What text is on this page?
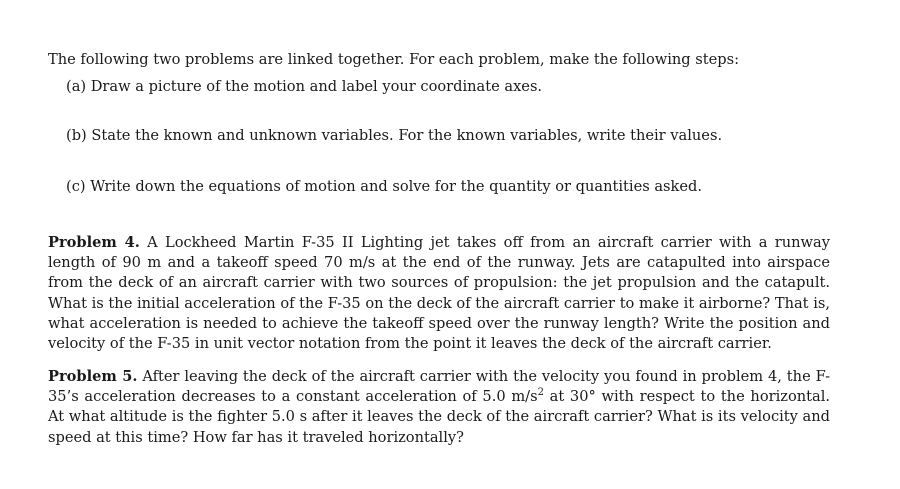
The following two problems are linked together. For each problem, make the following steps:
(a) Draw a picture of the motion and label your coordinate axes.
(b) State the known and unknown variables. For the known variables, write their values.
(c) Write down the equations of motion and solve for the quantity or quantities asked.

Problem 4. A Lockheed Martin F-35 II Lighting jet takes off from an aircraft carrier with a runway length of 90 m and a takeoff speed 70 m/s at the end of the runway. Jets are catapulted into airspace from the deck of an aircraft carrier with two sources of propulsion: the jet propulsion and the catapult. What is the initial acceleration of the F-35 on the deck of the aircraft carrier to make it airborne? That is, what acceleration is needed to achieve the takeoff speed over the runway length? Write the position and velocity of the F-35 in unit vector notation from the point it leaves the deck of the aircraft carrier.

Problem 5. After leaving the deck of the aircraft carrier with the velocity you found in problem 4, the F-35’s acceleration decreases to a constant acceleration of 5.0 $m/s^2$ at 30° with respect to the horizontal. At what altitude is the fighter 5.0 s after it leaves the deck of the aircraft carrier? What is its velocity and speed at this time? How far has it traveled horizontally?
